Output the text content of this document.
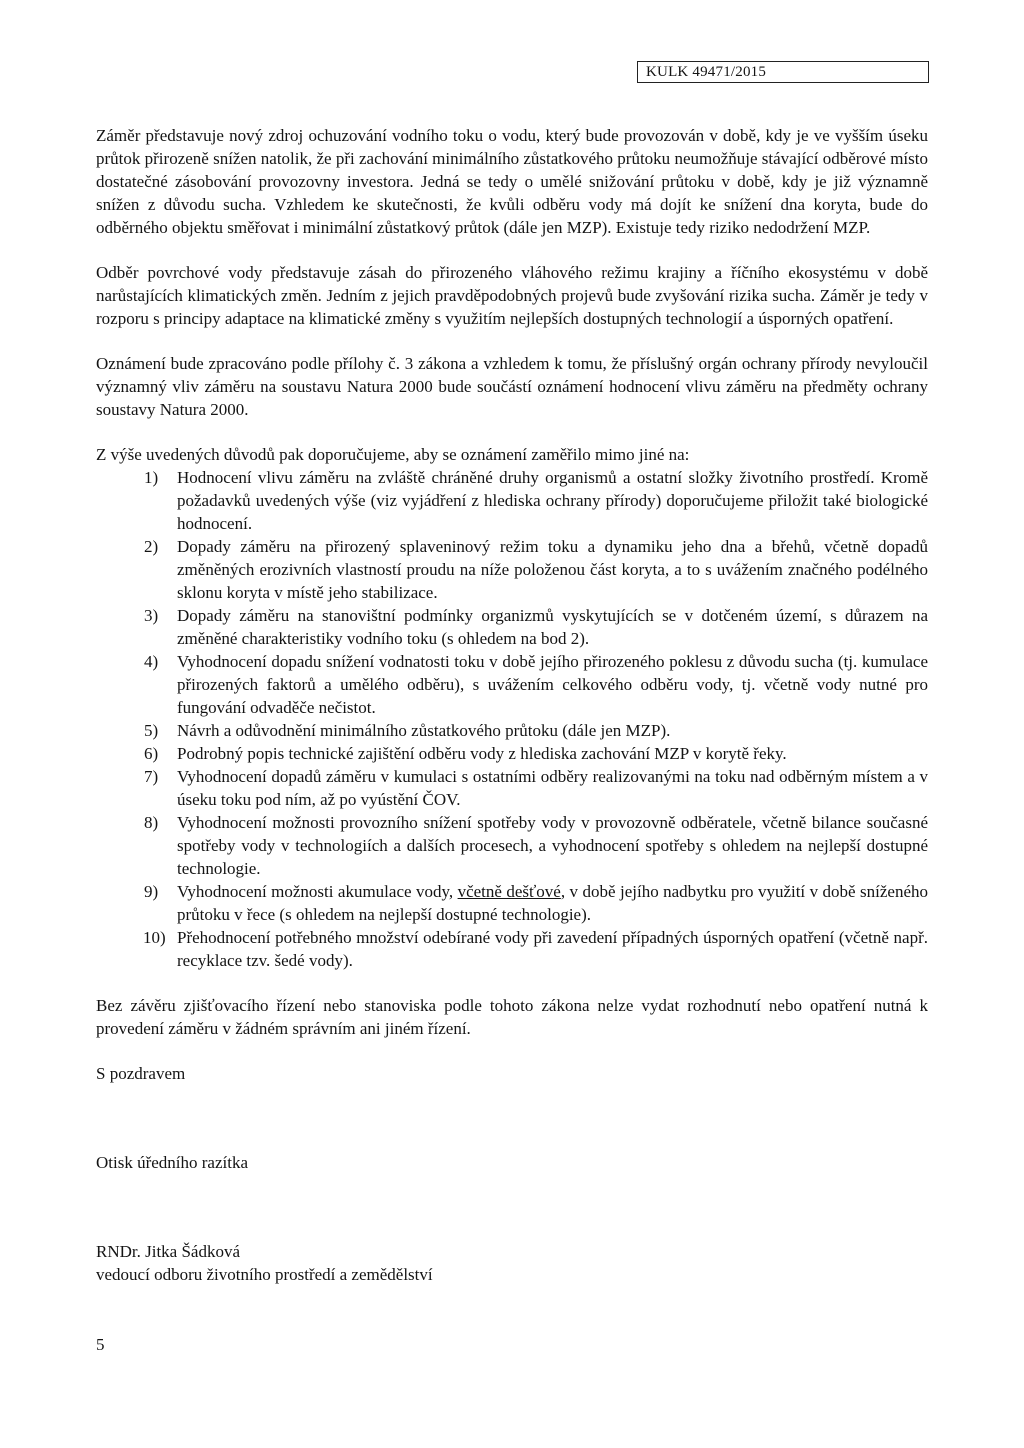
KULK 49471/2015

Záměr představuje nový zdroj ochuzování vodního toku o vodu, který bude provozován v době, kdy je ve vyšším úseku průtok přirozeně snížen natolik, že při zachování minimálního zůstatkového průtoku neumožňuje stávající odběrové místo dostatečné zásobování provozovny investora. Jedná se tedy o umělé snižování průtoku v době, kdy je již významně snížen z důvodu sucha. Vzhledem ke skutečnosti, že kvůli odběru vody má dojít ke snížení dna koryta, bude do odběrného objektu směřovat i minimální zůstatkový průtok (dále jen MZP). Existuje tedy riziko nedodržení MZP.

Odběr povrchové vody představuje zásah do přirozeného vláhového režimu krajiny a říčního ekosystému v době narůstajících klimatických změn. Jedním z jejich pravděpodobných projevů bude zvyšování rizika sucha. Záměr je tedy v rozporu s principy adaptace na klimatické změny s využitím nejlepších dostupných technologií a úsporných opatření.

Oznámení bude zpracováno podle přílohy č. 3 zákona a vzhledem k tomu, že příslušný orgán ochrany přírody nevyloučil významný vliv záměru na soustavu Natura 2000 bude součástí oznámení hodnocení vlivu záměru na předměty ochrany soustavy Natura 2000.

Z výše uvedených důvodů pak doporučujeme, aby se oznámení zaměřilo mimo jiné na:

1) Hodnocení vlivu záměru na zvláště chráněné druhy organismů a ostatní složky životního prostředí. Kromě požadavků uvedených výše (viz vyjádření z hlediska ochrany přírody) doporučujeme přiložit také biologické hodnocení.
2) Dopady záměru na přirozený splaveninový režim toku a dynamiku jeho dna a břehů, včetně dopadů změněných erozivních vlastností proudu na níže položenou část koryta, a to s uvážením značného podélného sklonu koryta v místě jeho stabilizace.
3) Dopady záměru na stanovištní podmínky organizmů vyskytujících se v dotčeném území, s důrazem na změněné charakteristiky vodního toku (s ohledem na bod 2).
4) Vyhodnocení dopadu snížení vodnatosti toku v době jejího přirozeného poklesu z důvodu sucha (tj. kumulace přirozených faktorů a umělého odběru), s uvážením celkového odběru vody, tj. včetně vody nutné pro fungování odvaděče nečistot.
5) Návrh a odůvodnění minimálního zůstatkového průtoku (dále jen MZP).
6) Podrobný popis technické zajištění odběru vody z hlediska zachování MZP v korytě řeky.
7) Vyhodnocení dopadů záměru v kumulaci s ostatními odběry realizovanými na toku nad odběrným místem a v úseku toku pod ním, až po vyústění ČOV.
8) Vyhodnocení možnosti provozního snížení spotřeby vody v provozovně odběratele, včetně bilance současné spotřeby vody v technologiích a dalších procesech, a vyhodnocení spotřeby s ohledem na nejlepší dostupné technologie.
9) Vyhodnocení možnosti akumulace vody, včetně dešťové, v době jejího nadbytku pro využití v době sníženého průtoku v řece (s ohledem na nejlepší dostupné technologie).
10) Přehodnocení potřebného množství odebírané vody při zavedení případných úsporných opatření (včetně např. recyklace tzv. šedé vody).

Bez závěru zjišťovacího řízení nebo stanoviska podle tohoto zákona nelze vydat rozhodnutí nebo opatření nutná k provedení záměru v žádném správním ani jiném řízení.

S pozdravem

Otisk úředního razítka

RNDr. Jitka Šádková

vedoucí odboru životního prostředí a zemědělství

5
